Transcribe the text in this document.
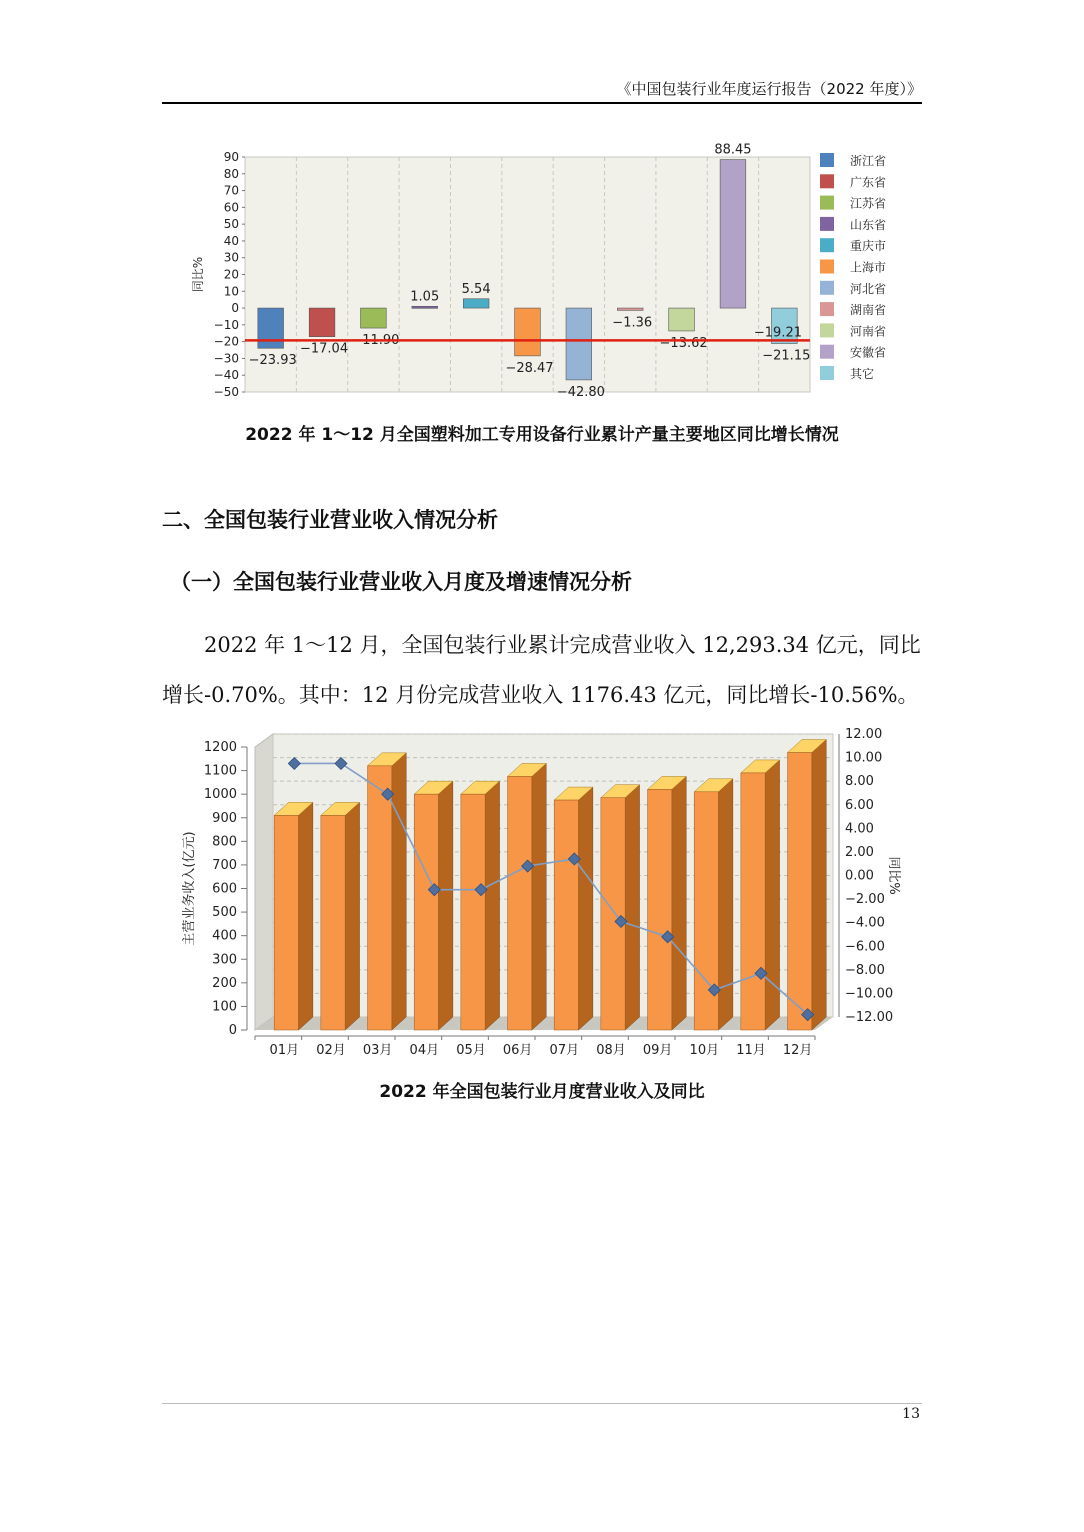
《中国包装行业年度运行报告（2022 年度）》
90
80
70
60
50
40
30
20
10
0
−10
−20
−30
−40
−50
同比%
−23.93
−17.04
−11.90
1.05
5.54
−28.47
−42.80
−1.36
−13.62
88.45
−21.15
−19.21
浙江省
广东省
江苏省
山东省
重庆市
上海市
河北省
湖南省
河南省
安徽省
其它
2022 年 1～12 月全国塑料加工专用设备行业累计产量主要地区同比增长情况
二、全国包装行业营业收入情况分析
（一）全国包装行业营业收入月度及增速情况分析

2022 年 1～12 月，全国包装行业累计完成营业收入 12,293.34 亿元，同比增长-0.70%。其中：12 月份完成营业收入 1176.43 亿元，同比增长-10.56%。

1200
1100
1000
900
800
700
600
500
400
300
200
100
0
主营业务收入(亿元)
12.00
10.00
8.00
6.00
4.00
2.00
0.00
−2.00
−4.00
−6.00
−8.00
−10.00
−12.00
同比%
01月 02月 03月 04月 05月 06月 07月 08月 09月 10月 11月 12月
2022 年全国包装行业月度营业收入及同比
13
